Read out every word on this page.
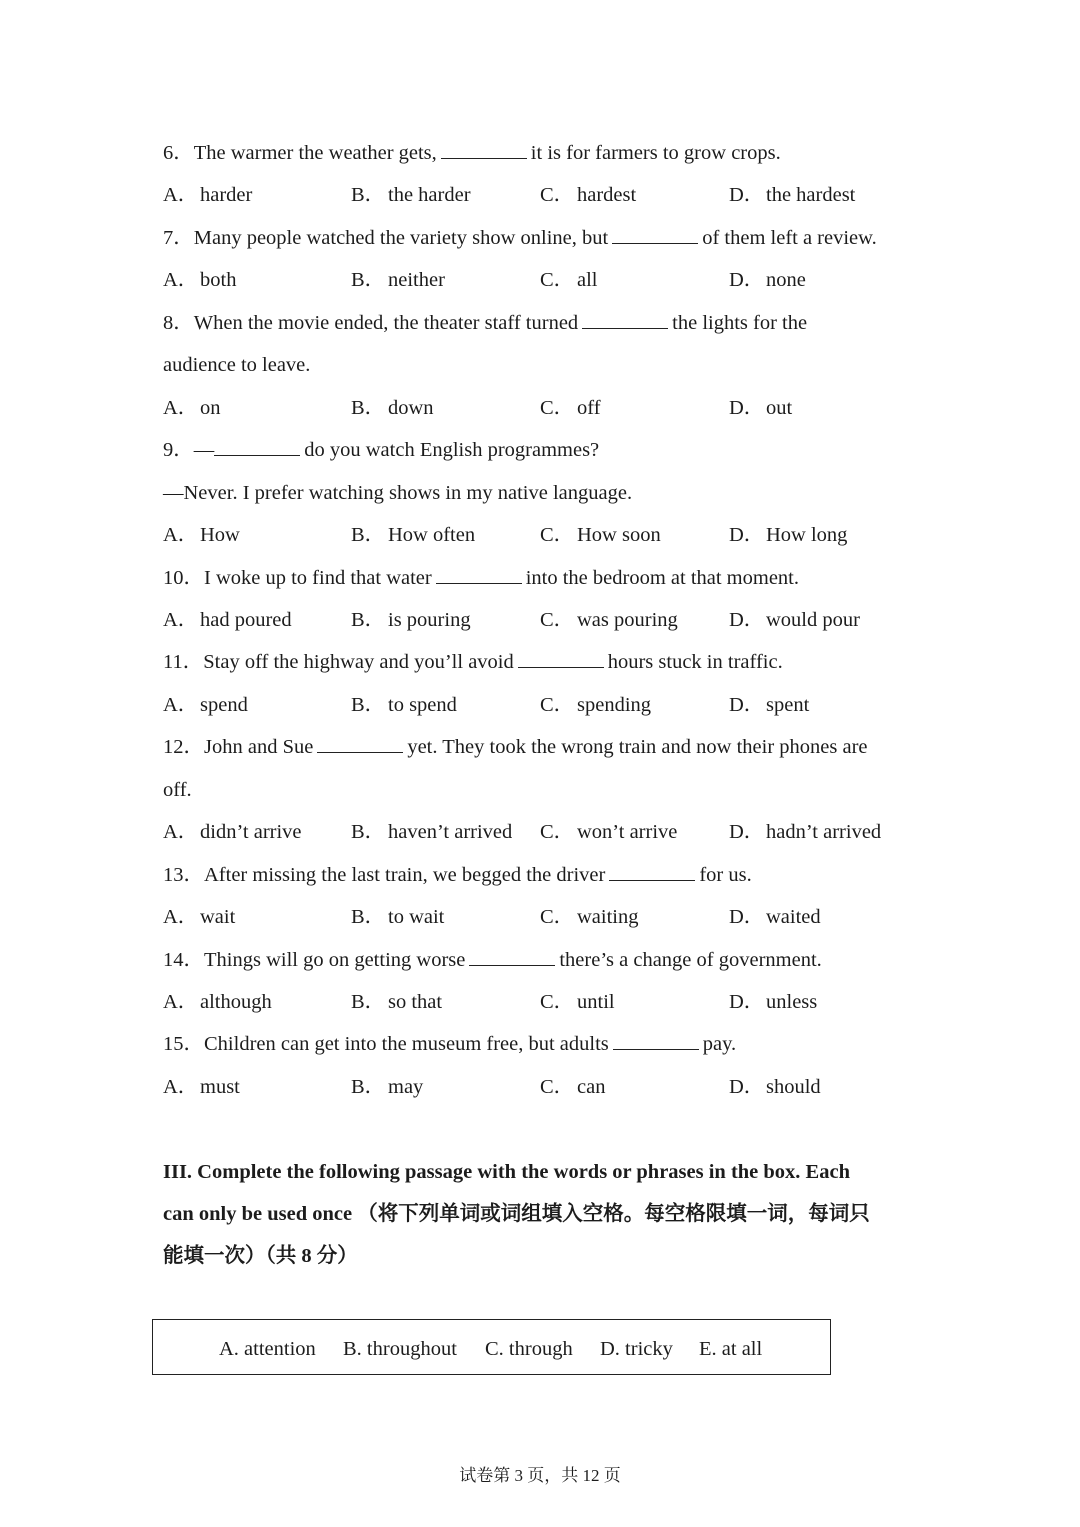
6．The warmer the weather gets,	it is for farmers to grow crops.
A．harder	B． the harder	C． hardest	D．the hardest
7．Many people watched the variety show online, but	of them left a review.
A．both	B． neither	C． all	D．none
8．When the movie ended, the theater staff turned	the lights for the
audience to leave.
A．on	B． down	C． off	D．out
9．—	do you watch English programmes?
—Never. I prefer watching shows in my native language.
A．How	B． How often	C． How soon	D．How long
10．I woke up to find that water	into the bedroom at that moment.
A．had poured	B． is pouring	C． was pouring D．would pour
11．Stay off the highway and you’ll avoid	hours stuck in traffic.
A．spend	B． to spend	C． spending	D．spent
12．John and Sue	yet. They took the wrong train and now their phones are
off.
A．didn’t arrive B． haven’t arrived C． won’t arrive	D．hadn’t arrived
13．After missing the last train, we begged the driver	for us.
A．wait	B． to wait	C． waiting	D．waited
14．Things will go on getting worse	there’s a change of government.
A．although	B． so that	C． until	D．unless
15．Children can get into the museum free, but adults	pay.
A．must	B． may	C． can	D．should
III. Complete the following passage with the words or phrases in the box. Each
can only be used once （将下列单词或词组填入空格。每空格限填一词，每词只
能填一次）（共 8 分）
A. attention B. throughout C. through D. tricky E. at all
试卷第 3 页，共 12 页
